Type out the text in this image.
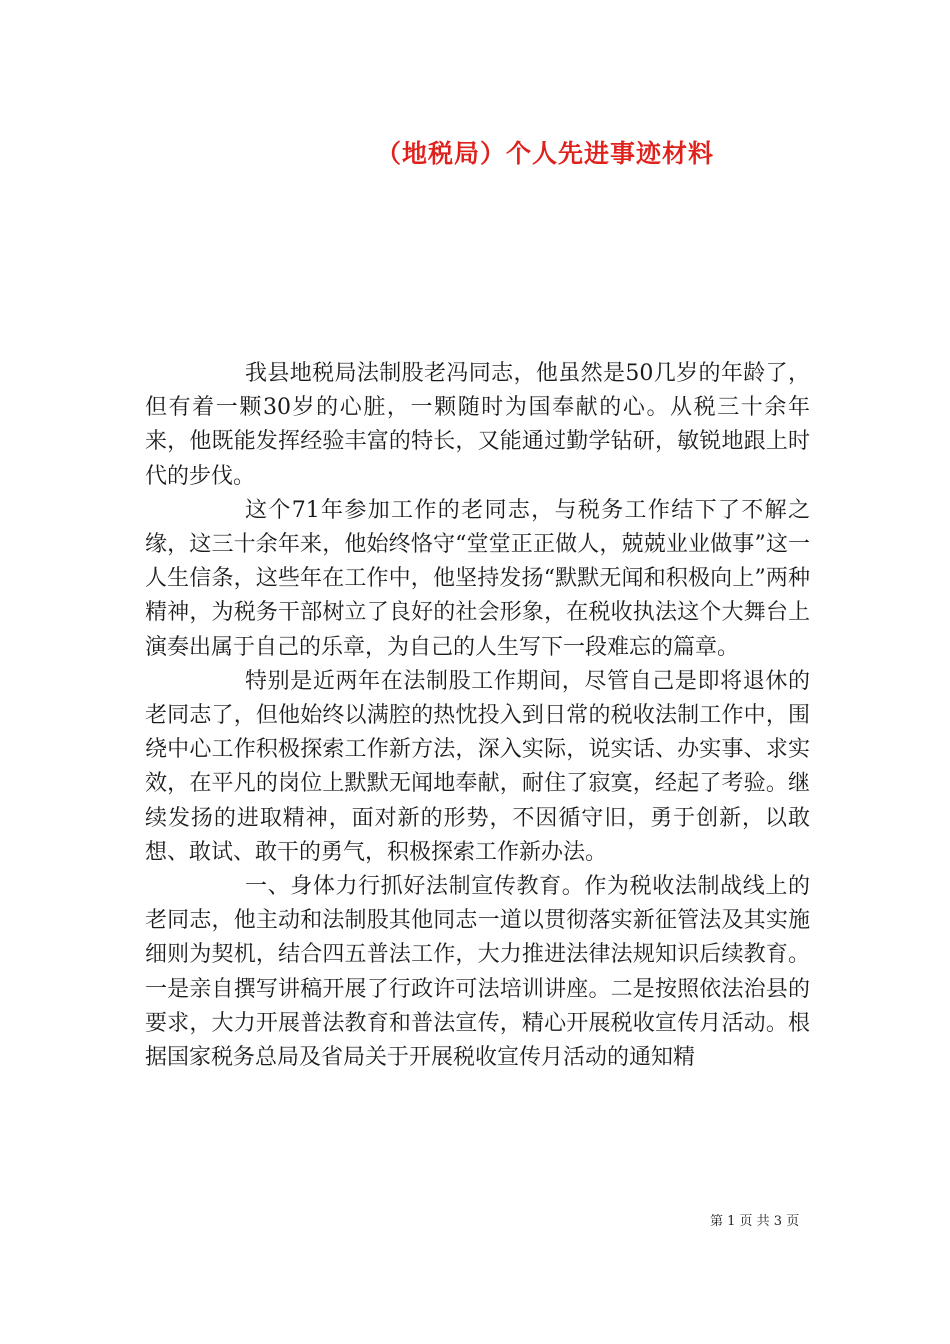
（地税局）个人先进事迹材料

我县地税局法制股老冯同志，他虽然是50几岁的年龄了，但有着一颗30岁的心脏，一颗随时为国奉献的心。从税三十余年来，他既能发挥经验丰富的特长，又能通过勤学钻研，敏锐地跟上时代的步伐。

这个71年参加工作的老同志，与税务工作结下了不解之缘，这三十余年来，他始终恪守“堂堂正正做人，兢兢业业做事”这一人生信条，这些年在工作中，他坚持发扬“默默无闻和积极向上”两种精神，为税务干部树立了良好的社会形象，在税收执法这个大舞台上演奏出属于自己的乐章，为自己的人生写下一段难忘的篇章。

特别是近两年在法制股工作期间，尽管自己是即将退休的老同志了，但他始终以满腔的热忱投入到日常的税收法制工作中，围绕中心工作积极探索工作新方法，深入实际，说实话、办实事、求实效，在平凡的岗位上默默无闻地奉献，耐住了寂寞，经起了考验。继续发扬的进取精神，面对新的形势，不因循守旧，勇于创新，以敢想、敢试、敢干的勇气，积极探索工作新办法。

一、身体力行抓好法制宣传教育。作为税收法制战线上的老同志，他主动和法制股其他同志一道以贯彻落实新征管法及其实施细则为契机，结合四五普法工作，大力推进法律法规知识后续教育。一是亲自撰写讲稿开展了行政许可法培训讲座。二是按照依法治县的要求，大力开展普法教育和普法宣传，精心开展税收宣传月活动。根据国家税务总局及省局关于开展税收宣传月活动的通知精

第 1 页 共 3 页
